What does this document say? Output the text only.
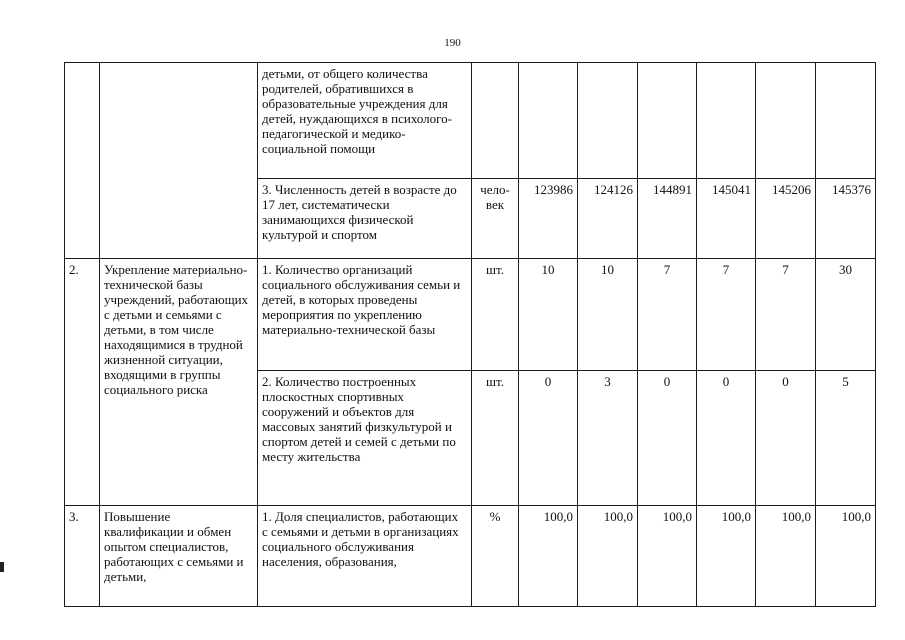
190
		детьми, от общего количества родителей, обратившихся в образовательные учреждения для детей, нуждающихся в психолого-педагогической и медико-социальной помощи							
		3. Численность детей в возрасте до 17 лет, систематически занимающихся физической культурой и спортом	чело-век	123986	124126	144891	145041	145206	145376
2.	Укрепление материально-технической базы учреждений, работающих с детьми и семьями с детьми, в том числе находящимися в трудной жизненной ситуации, входящими в группы социального риска	1. Количество организаций социального обслуживания семьи и детей, в которых проведены мероприятия по укреплению материально-технической базы	шт.	10	10	7	7	7	30
		2. Количество построенных плоскостных спортивных сооружений и объектов для массовых занятий физкультурой и спортом детей и семей с детьми по месту жительства	шт.	0	3	0	0	0	5
3.	Повышение квалификации и обмен опытом специалистов, работающих с семьями и детьми,	1. Доля специалистов, работающих с семьями и детьми в организациях социального обслуживания населения, образования,	%	100,0	100,0	100,0	100,0	100,0	100,0
